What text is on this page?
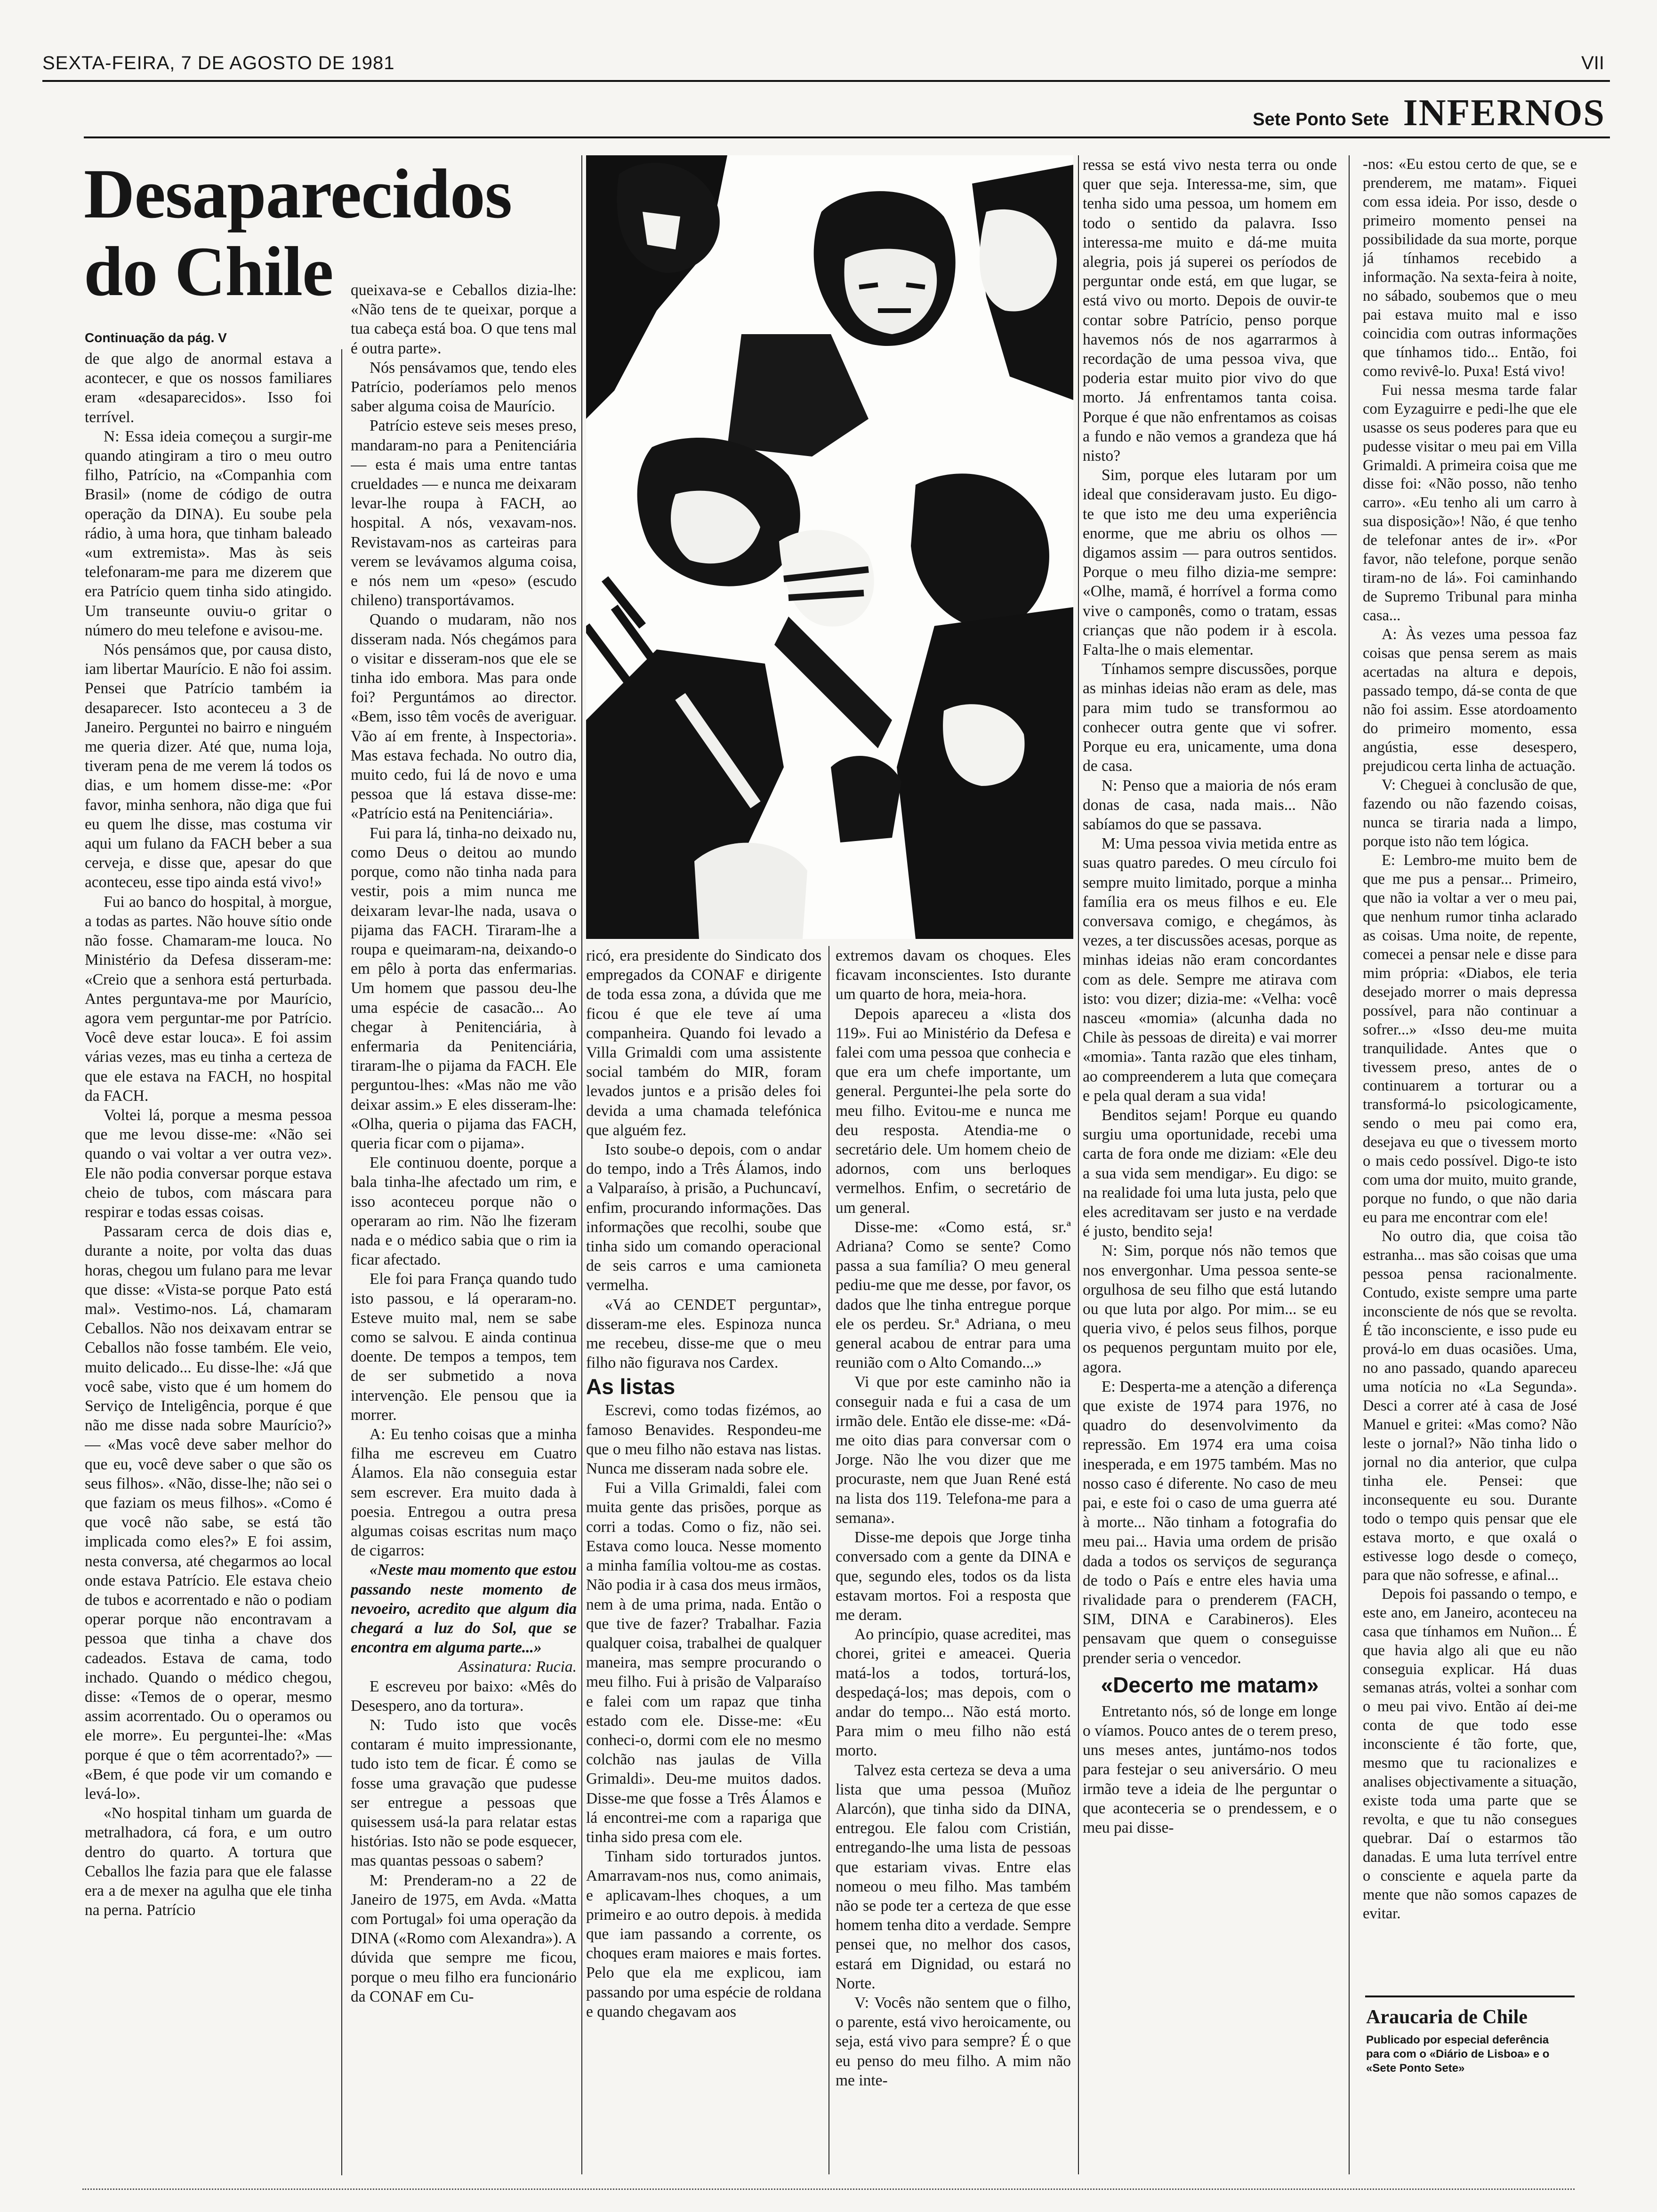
SEXTA-FEIRA, 7 DE AGOSTO DE 1981	VII
Sete Ponto Sete INFERNOS
Desaparecidos do Chile
Continuação da pág. V

de que algo de anormal estava a acontecer, e que os nossos familiares eram «desaparecidos». Isso foi terrível.

N: Essa ideia começou a surgir-me quando atingiram a tiro o meu outro filho, Patrício, na «Companhia com Brasil» (nome de código de outra operação da DINA). Eu soube pela rádio, à uma hora, que tinham baleado «um extremista». Mas às seis telefonaram-me para me dizerem que era Patrício quem tinha sido atingido. Um transeunte ouviu-o gritar o número do meu telefone e avisou-me.

Nós pensámos que, por causa disto, iam libertar Maurício. E não foi assim. Pensei que Patrício também ia desaparecer. Isto aconteceu a 3 de Janeiro. Perguntei no bairro e ninguém me queria dizer. Até que, numa loja, tiveram pena de me verem lá todos os dias, e um homem disse-me: «Por favor, minha senhora, não diga que fui eu quem lhe disse, mas costuma vir aqui um fulano da FACH beber a sua cerveja, e disse que, apesar do que aconteceu, esse tipo ainda está vivo!»

Fui ao banco do hospital, à morgue, a todas as partes. Não houve sítio onde não fosse. Chamaram-me louca. No Ministério da Defesa disseram-me: «Creio que a senhora está perturbada. Antes perguntava-me por Maurício, agora vem perguntar-me por Patrício. Você deve estar louca». E foi assim várias vezes, mas eu tinha a certeza de que ele estava na FACH, no hospital da FACH.

Voltei lá, porque a mesma pessoa que me levou disse-me: «Não sei quando o vai voltar a ver outra vez». Ele não podia conversar porque estava cheio de tubos, com máscara para respirar e todas essas coisas.

Passaram cerca de dois dias e, durante a noite, por volta das duas horas, chegou um fulano para me levar que disse: «Vista-se porque Pato está mal». Vestimo-nos. Lá, chamaram Ceballos. Não nos deixavam entrar se Ceballos não fosse também. Ele veio, muito delicado... Eu disse-lhe: «Já que você sabe, visto que é um homem do Serviço de Inteligência, porque é que não me disse nada sobre Maurício?» — «Mas você deve saber melhor do que eu, você deve saber o que são os seus filhos». «Não, disse-lhe; não sei o que faziam os meus filhos». «Como é que você não sabe, se está tão implicada como eles?» E foi assim, nesta conversa, até chegarmos ao local onde estava Patrício. Ele estava cheio de tubos e acorrentado e não o podiam operar porque não encontravam a pessoa que tinha a chave dos cadeados. Estava de cama, todo inchado. Quando o médico chegou, disse: «Temos de o operar, mesmo assim acorrentado. Ou o operamos ou ele morre». Eu perguntei-lhe: «Mas porque é que o têm acorrentado?» — «Bem, é que pode vir um comando e levá-lo».

«No hospital tinham um guarda de metralhadora, cá fora, e um outro dentro do quarto. A tortura que Ceballos lhe fazia para que ele falasse era a de mexer na agulha que ele tinha na perna. Patrício

queixava-se e Ceballos dizia-lhe: «Não tens de te queixar, porque a tua cabeça está boa. O que tens mal é outra parte».

Nós pensávamos que, tendo eles Patrício, poderíamos pelo menos saber alguma coisa de Maurício.

Patrício esteve seis meses preso, mandaram-no para a Penitenciária — esta é mais uma entre tantas crueldades — e nunca me deixaram levar-lhe roupa à FACH, ao hospital. A nós, vexavam-nos. Revistavam-nos as carteiras para verem se levávamos alguma coisa, e nós nem um «peso» (escudo chileno) transportávamos.

Quando o mudaram, não nos disseram nada. Nós chegámos para o visitar e disseram-nos que ele se tinha ido embora. Mas para onde foi? Perguntámos ao director. «Bem, isso têm vocês de averiguar. Vão aí em frente, à Inspectoria». Mas estava fechada. No outro dia, muito cedo, fui lá de novo e uma pessoa que lá estava disse-me: «Patrício está na Penitenciária».

Fui para lá, tinha-no deixado nu, como Deus o deitou ao mundo porque, como não tinha nada para vestir, pois a mim nunca me deixaram levar-lhe nada, usava o pijama das FACH. Tiraram-lhe a roupa e queimaram-na, deixando-o em pêlo à porta das enfermarias. Um homem que passou deu-lhe uma espécie de casacão... Ao chegar à Penitenciária, à enfermaria da Penitenciária, tiraram-lhe o pijama da FACH. Ele perguntou-lhes: «Mas não me vão deixar assim.» E eles disseram-lhe: «Olha, queria o pijama das FACH, queria ficar com o pijama».

Ele continuou doente, porque a bala tinha-lhe afectado um rim, e isso aconteceu porque não o operaram ao rim. Não lhe fizeram nada e o médico sabia que o rim ia ficar afectado.

Ele foi para França quando tudo isto passou, e lá operaram-no. Esteve muito mal, nem se sabe como se salvou. E ainda continua doente. De tempos a tempos, tem de ser submetido a nova intervenção. Ele pensou que ia morrer.

A: Eu tenho coisas que a minha filha me escreveu em Cuatro Álamos. Ela não conseguia estar sem escrever. Era muito dada à poesia. Entregou a outra presa algumas coisas escritas num maço de cigarros:

«Neste mau momento que estou passando neste momento de nevoeiro, acredito que algum dia chegará a luz do Sol, que se encontra em alguma parte...»

Assinatura: Rucia.

E escreveu por baixo: «Mês do Desespero, ano da tortura».

N: Tudo isto que vocês contaram é muito impressionante, tudo isto tem de ficar. É como se fosse uma gravação que pudesse ser entregue a pessoas que quisessem usá-la para relatar estas histórias. Isto não se pode esquecer, mas quantas pessoas o sabem?

M: Prenderam-no a 22 de Janeiro de 1975, em Avda. «Matta com Portugal» foi uma operação da DINA («Romo com Alexandra»). A dúvida que sempre me ficou, porque o meu filho era funcionário da CONAF em Cu-

ricó, era presidente do Sindicato dos empregados da CONAF e dirigente de toda essa zona, a dúvida que me ficou é que ele teve aí uma companheira. Quando foi levado a Villa Grimaldi com uma assistente social também do MIR, foram levados juntos e a prisão deles foi devida a uma chamada telefónica que alguém fez.

Isto soube-o depois, com o andar do tempo, indo a Três Álamos, indo a Valparaíso, à prisão, a Puchuncaví, enfim, procurando informações. Das informações que recolhi, soube que tinha sido um comando operacional de seis carros e uma camioneta vermelha.

«Vá ao CENDET perguntar», disseram-me eles. Espinoza nunca me recebeu, disse-me que o meu filho não figurava nos Cardex.

As listas

Escrevi, como todas fizémos, ao famoso Benavides. Respondeu-me que o meu filho não estava nas listas. Nunca me disseram nada sobre ele.

Fui a Villa Grimaldi, falei com muita gente das prisões, porque as corri a todas. Como o fiz, não sei. Estava como louca. Nesse momento a minha família voltou-me as costas. Não podia ir à casa dos meus irmãos, nem à de uma prima, nada. Então o que tive de fazer? Trabalhar. Fazia qualquer coisa, trabalhei de qualquer maneira, mas sempre procurando o meu filho. Fui à prisão de Valparaíso e falei com um rapaz que tinha estado com ele. Disse-me: «Eu conheci-o, dormi com ele no mesmo colchão nas jaulas de Villa Grimaldi». Deu-me muitos dados. Disse-me que fosse a Três Álamos e lá encontrei-me com a rapariga que tinha sido presa com ele.

Tinham sido torturados juntos. Amarravam-nos nus, como animais, e aplicavam-lhes choques, a um primeiro e ao outro depois. à medida que iam passando a corrente, os choques eram maiores e mais fortes. Pelo que ela me explicou, iam passando por uma espécie de roldana e quando chegavam aos

extremos davam os choques. Eles ficavam inconscientes. Isto durante um quarto de hora, meia-hora.

Depois apareceu a «lista dos 119». Fui ao Ministério da Defesa e falei com uma pessoa que conhecia e que era um chefe importante, um general. Perguntei-lhe pela sorte do meu filho. Evitou-me e nunca me deu resposta. Atendia-me o secretário dele. Um homem cheio de adornos, com uns berloques vermelhos. Enfim, o secretário de um general.

Disse-me: «Como está, sr.ª Adriana? Como se sente? Como passa a sua família? O meu general pediu-me que me desse, por favor, os dados que lhe tinha entregue porque ele os perdeu. Sr.ª Adriana, o meu general acabou de entrar para uma reunião com o Alto Comando...»

Vi que por este caminho não ia conseguir nada e fui a casa de um irmão dele. Então ele disse-me: «Dá-me oito dias para conversar com o Jorge. Não lhe vou dizer que me procuraste, nem que Juan René está na lista dos 119. Telefona-me para a semana».

Disse-me depois que Jorge tinha conversado com a gente da DINA e que, segundo eles, todos os da lista estavam mortos. Foi a resposta que me deram.

Ao princípio, quase acreditei, mas chorei, gritei e ameacei. Queria matá-los a todos, torturá-los, despedaçá-los; mas depois, com o andar do tempo... Não está morto. Para mim o meu filho não está morto.

Talvez esta certeza se deva a uma lista que uma pessoa (Muñoz Alarcón), que tinha sido da DINA, entregou. Ele falou com Cristián, entregando-lhe uma lista de pessoas que estariam vivas. Entre elas nomeou o meu filho. Mas também não se pode ter a certeza de que esse homem tenha dito a verdade. Sempre pensei que, no melhor dos casos, estará em Dignidad, ou estará no Norte.

V: Vocês não sentem que o filho, o parente, está vivo heroicamente, ou seja, está vivo para sempre? É o que eu penso do meu filho. A mim não me inte-

ressa se está vivo nesta terra ou onde quer que seja. Interessa-me, sim, que tenha sido uma pessoa, um homem em todo o sentido da palavra. Isso interessa-me muito e dá-me muita alegria, pois já superei os períodos de perguntar onde está, em que lugar, se está vivo ou morto. Depois de ouvir-te contar sobre Patrício, penso porque havemos nós de nos agarrarmos à recordação de uma pessoa viva, que poderia estar muito pior vivo do que morto. Já enfrentamos tanta coisa. Porque é que não enfrentamos as coisas a fundo e não vemos a grandeza que há nisto?

Sim, porque eles lutaram por um ideal que consideravam justo. Eu digo-te que isto me deu uma experiência enorme, que me abriu os olhos — digamos assim — para outros sentidos. Porque o meu filho dizia-me sempre: «Olhe, mamã, é horrível a forma como vive o camponês, como o tratam, essas crianças que não podem ir à escola. Falta-lhe o mais elementar.

Tínhamos sempre discussões, porque as minhas ideias não eram as dele, mas para mim tudo se transformou ao conhecer outra gente que vi sofrer. Porque eu era, unicamente, uma dona de casa.

N: Penso que a maioria de nós eram donas de casa, nada mais... Não sabíamos do que se passava.

M: Uma pessoa vivia metida entre as suas quatro paredes. O meu círculo foi sempre muito limitado, porque a minha família era os meus filhos e eu. Ele conversava comigo, e chegámos, às vezes, a ter discussões acesas, porque as minhas ideias não eram concordantes com as dele. Sempre me atirava com isto: vou dizer; dizia-me: «Velha: você nasceu «momia» (alcunha dada no Chile às pessoas de direita) e vai morrer «momia». Tanta razão que eles tinham, ao compreenderem a luta que começara e pela qual deram a sua vida!

Benditos sejam! Porque eu quando surgiu uma oportunidade, recebi uma carta de fora onde me diziam: «Ele deu a sua vida sem mendigar». Eu digo: se na realidade foi uma luta justa, pelo que eles acreditavam ser justo e na verdade é justo, bendito seja!

N: Sim, porque nós não temos que nos envergonhar. Uma pessoa sente-se orgulhosa de seu filho que está lutando ou que luta por algo. Por mim... se eu queria vivo, é pelos seus filhos, porque os pequenos perguntam muito por ele, agora.

E: Desperta-me a atenção a diferença que existe de 1974 para 1976, no quadro do desenvolvimento da repressão. Em 1974 era uma coisa inesperada, e em 1975 também. Mas no nosso caso é diferente. No caso de meu pai, e este foi o caso de uma guerra até à morte... Não tinham a fotografia do meu pai... Havia uma ordem de prisão dada a todos os serviços de segurança de todo o País e entre eles havia uma rivalidade para o prenderem (FACH, SIM, DINA e Carabineros). Eles pensavam que quem o conseguisse prender seria o vencedor.

«Decerto me matam»

Entretanto nós, só de longe em longe o víamos. Pouco antes de o terem preso, uns meses antes, juntámo-nos todos para festejar o seu aniversário. O meu irmão teve a ideia de lhe perguntar o que aconteceria se o prendessem, e o meu pai disse-

-nos: «Eu estou certo de que, se e prenderem, me matam». Fiquei com essa ideia. Por isso, desde o primeiro momento pensei na possibilidade da sua morte, porque já tínhamos recebido a informação. Na sexta-feira à noite, no sábado, soubemos que o meu pai estava muito mal e isso coincidia com outras informações que tínhamos tido... Então, foi como revivê-lo. Puxa! Está vivo!

Fui nessa mesma tarde falar com Eyzaguirre e pedi-lhe que ele usasse os seus poderes para que eu pudesse visitar o meu pai em Villa Grimaldi. A primeira coisa que me disse foi: «Não posso, não tenho carro». «Eu tenho ali um carro à sua disposição»! Não, é que tenho de telefonar antes de ir». «Por favor, não telefone, porque senão tiram-no de lá». Foi caminhando de Supremo Tribunal para minha casa...

A: Às vezes uma pessoa faz coisas que pensa serem as mais acertadas na altura e depois, passado tempo, dá-se conta de que não foi assim. Esse atordoamento do primeiro momento, essa angústia, esse desespero, prejudicou certa linha de actuação.

V: Cheguei à conclusão de que, fazendo ou não fazendo coisas, nunca se tiraria nada a limpo, porque isto não tem lógica.

E: Lembro-me muito bem de que me pus a pensar... Primeiro, que não ia voltar a ver o meu pai, que nenhum rumor tinha aclarado as coisas. Uma noite, de repente, comecei a pensar nele e disse para mim própria: «Diabos, ele teria desejado morrer o mais depressa possível, para não continuar a sofrer...» «Isso deu-me muita tranquilidade. Antes que o tivessem preso, antes de o continuarem a torturar ou a transformá-lo psicologicamente, sendo o meu pai como era, desejava eu que o tivessem morto o mais cedo possível. Digo-te isto com uma dor muito, muito grande, porque no fundo, o que não daria eu para me encontrar com ele!

No outro dia, que coisa tão estranha... mas são coisas que uma pessoa pensa racionalmente. Contudo, existe sempre uma parte inconsciente de nós que se revolta. É tão inconsciente, e isso pude eu prová-lo em duas ocasiões. Uma, no ano passado, quando apareceu uma notícia no «La Segunda». Desci a correr até à casa de José Manuel e gritei: «Mas como? Não leste o jornal?» Não tinha lido o jornal no dia anterior, que culpa tinha ele. Pensei: que inconsequente eu sou. Durante todo o tempo quis pensar que ele estava morto, e que oxalá o estivesse logo desde o começo, para que não sofresse, e afinal...

Depois foi passando o tempo, e este ano, em Janeiro, aconteceu na casa que tínhamos em Nuñon... É que havia algo ali que eu não conseguia explicar. Há duas semanas atrás, voltei a sonhar com o meu pai vivo. Então aí dei-me conta de que todo esse inconsciente é tão forte, que, mesmo que tu racionalizes e analises objectivamente a situação, existe toda uma parte que se revolta, e que tu não consegues quebrar. Daí o estarmos tão danadas. E uma luta terrível entre o consciente e aquela parte da mente que não somos capazes de evitar.

Araucaria de Chile
Publicado por especial deferência para com o «Diário de Lisboa» e o «Sete Ponto Sete»
